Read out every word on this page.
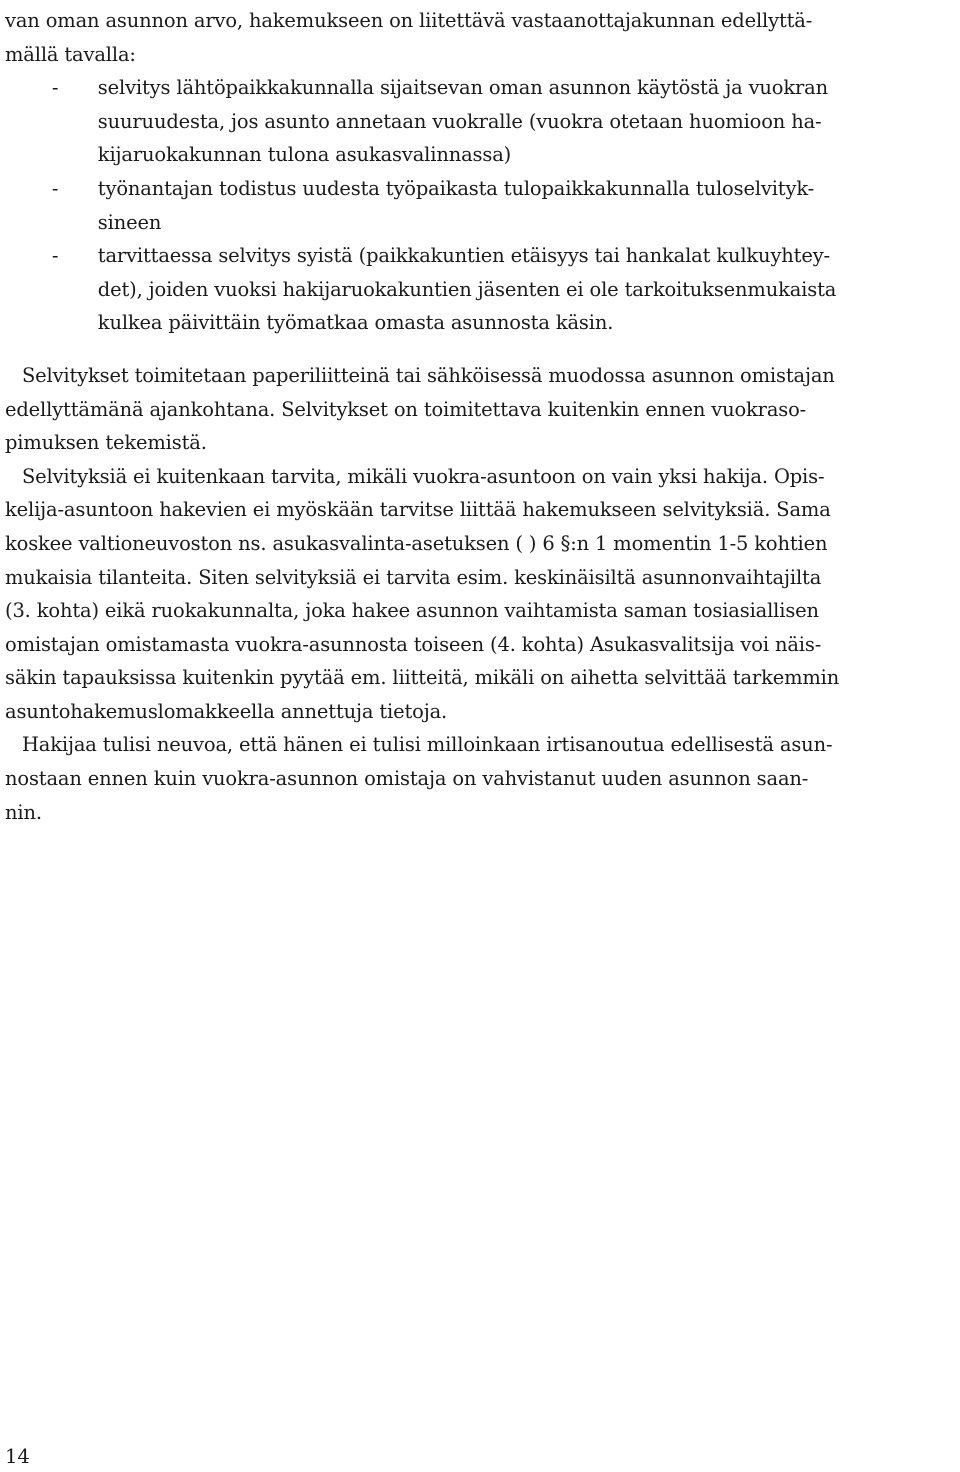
van oman asunnon arvo, hakemukseen on liitettävä vastaanottajakunnan edellyttä-
mällä tavalla:
- selvitys lähtöpaikkakunnalla sijaitsevan oman asunnon käytöstä ja vuokran
suuruudesta, jos asunto annetaan vuokralle (vuokra otetaan huomioon ha-
kijaruokakunnan tulona asukasvalinnassa)
- työnantajan todistus uudesta työpaikasta tulopaikkakunnalla tuloselvityk-
sineen
- tarvittaessa selvitys syistä (paikkakuntien etäisyys tai hankalat kulkuyhtey-
det), joiden vuoksi hakijaruokakuntien jäsenten ei ole tarkoituksenmukaista
kulkea päivittäin työmatkaa omasta asunnosta käsin.
Selvitykset toimitetaan paperiliitteinä tai sähköisessä muodossa asunnon omistajan
edellyttämänä ajankohtana. Selvitykset on toimitettava kuitenkin ennen vuokraso-
pimuksen tekemistä.
Selvityksiä ei kuitenkaan tarvita, mikäli vuokra-asuntoon on vain yksi hakija. Opis-
kelija-asuntoon hakevien ei myöskään tarvitse liittää hakemukseen selvityksiä. Sama
koskee valtioneuvoston ns. asukasvalinta-asetuksen ( ) 6 §:n 1 momentin 1-5 kohtien
mukaisia tilanteita. Siten selvityksiä ei tarvita esim. keskinäisiltä asunnonvaihtajilta
(3. kohta) eikä ruokakunnalta, joka hakee asunnon vaihtamista saman tosiasiallisen
omistajan omistamasta vuokra-asunnosta toiseen (4. kohta) Asukasvalitsija voi näis-
säkin tapauksissa kuitenkin pyytää em. liitteitä, mikäli on aihetta selvittää tarkemmin
asuntohakemuslomakkeella annettuja tietoja.
Hakijaa tulisi neuvoa, että hänen ei tulisi milloinkaan irtisanoutua edellisestä asun-
nostaan ennen kuin vuokra-asunnon omistaja on vahvistanut uuden asunnon saan-
nin.
14
